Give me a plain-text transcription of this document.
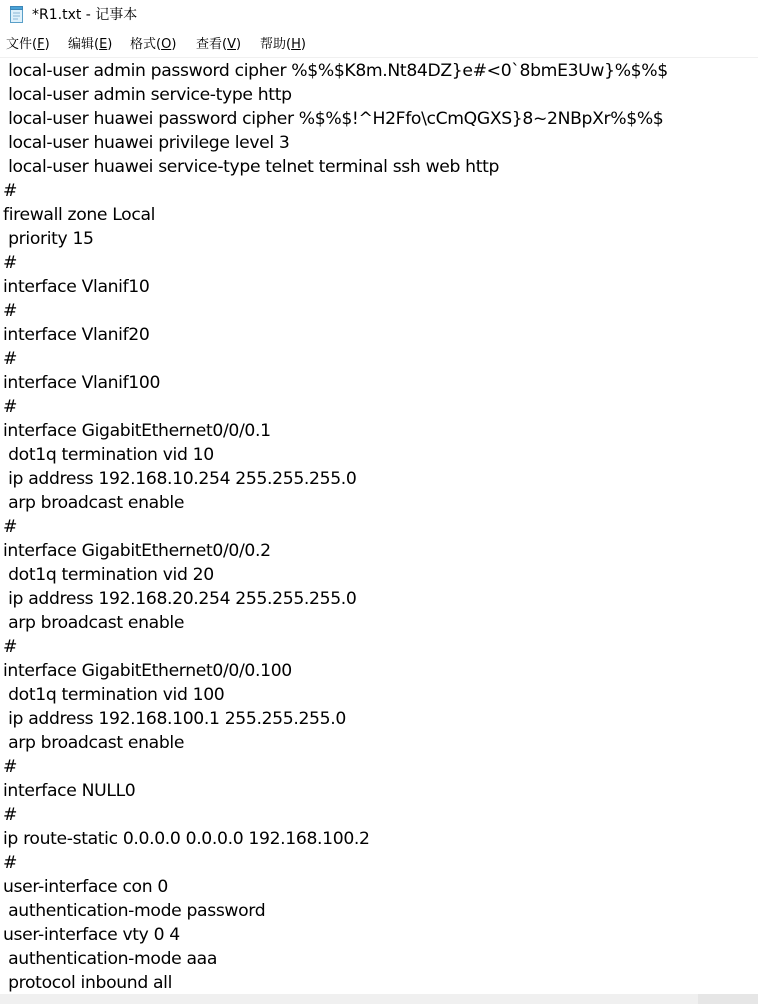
*R1.txt - 记事本
文件(F) 编辑(E) 格式(O) 查看(V) 帮助(H)
local-user admin password cipher %$%$K8m.Nt84DZ}e#<0`8bmE3Uw}%$%$
local-user admin service-type http
local-user huawei password cipher %$%$!^H2Ffo\cCmQGXS}8~2NBpXr%$%$
local-user huawei privilege level 3
local-user huawei service-type telnet terminal ssh web http
#
firewall zone Local
priority 15
#
interface Vlanif10
#
interface Vlanif20
#
interface Vlanif100
#
interface GigabitEthernet0/0/0.1
dot1q termination vid 10
ip address 192.168.10.254 255.255.255.0
arp broadcast enable
#
interface GigabitEthernet0/0/0.2
dot1q termination vid 20
ip address 192.168.20.254 255.255.255.0
arp broadcast enable
#
interface GigabitEthernet0/0/0.100
dot1q termination vid 100
ip address 192.168.100.1 255.255.255.0
arp broadcast enable
#
interface NULL0
#
ip route-static 0.0.0.0 0.0.0.0 192.168.100.2
#
user-interface con 0
authentication-mode password
user-interface vty 0 4
authentication-mode aaa
protocol inbound all
